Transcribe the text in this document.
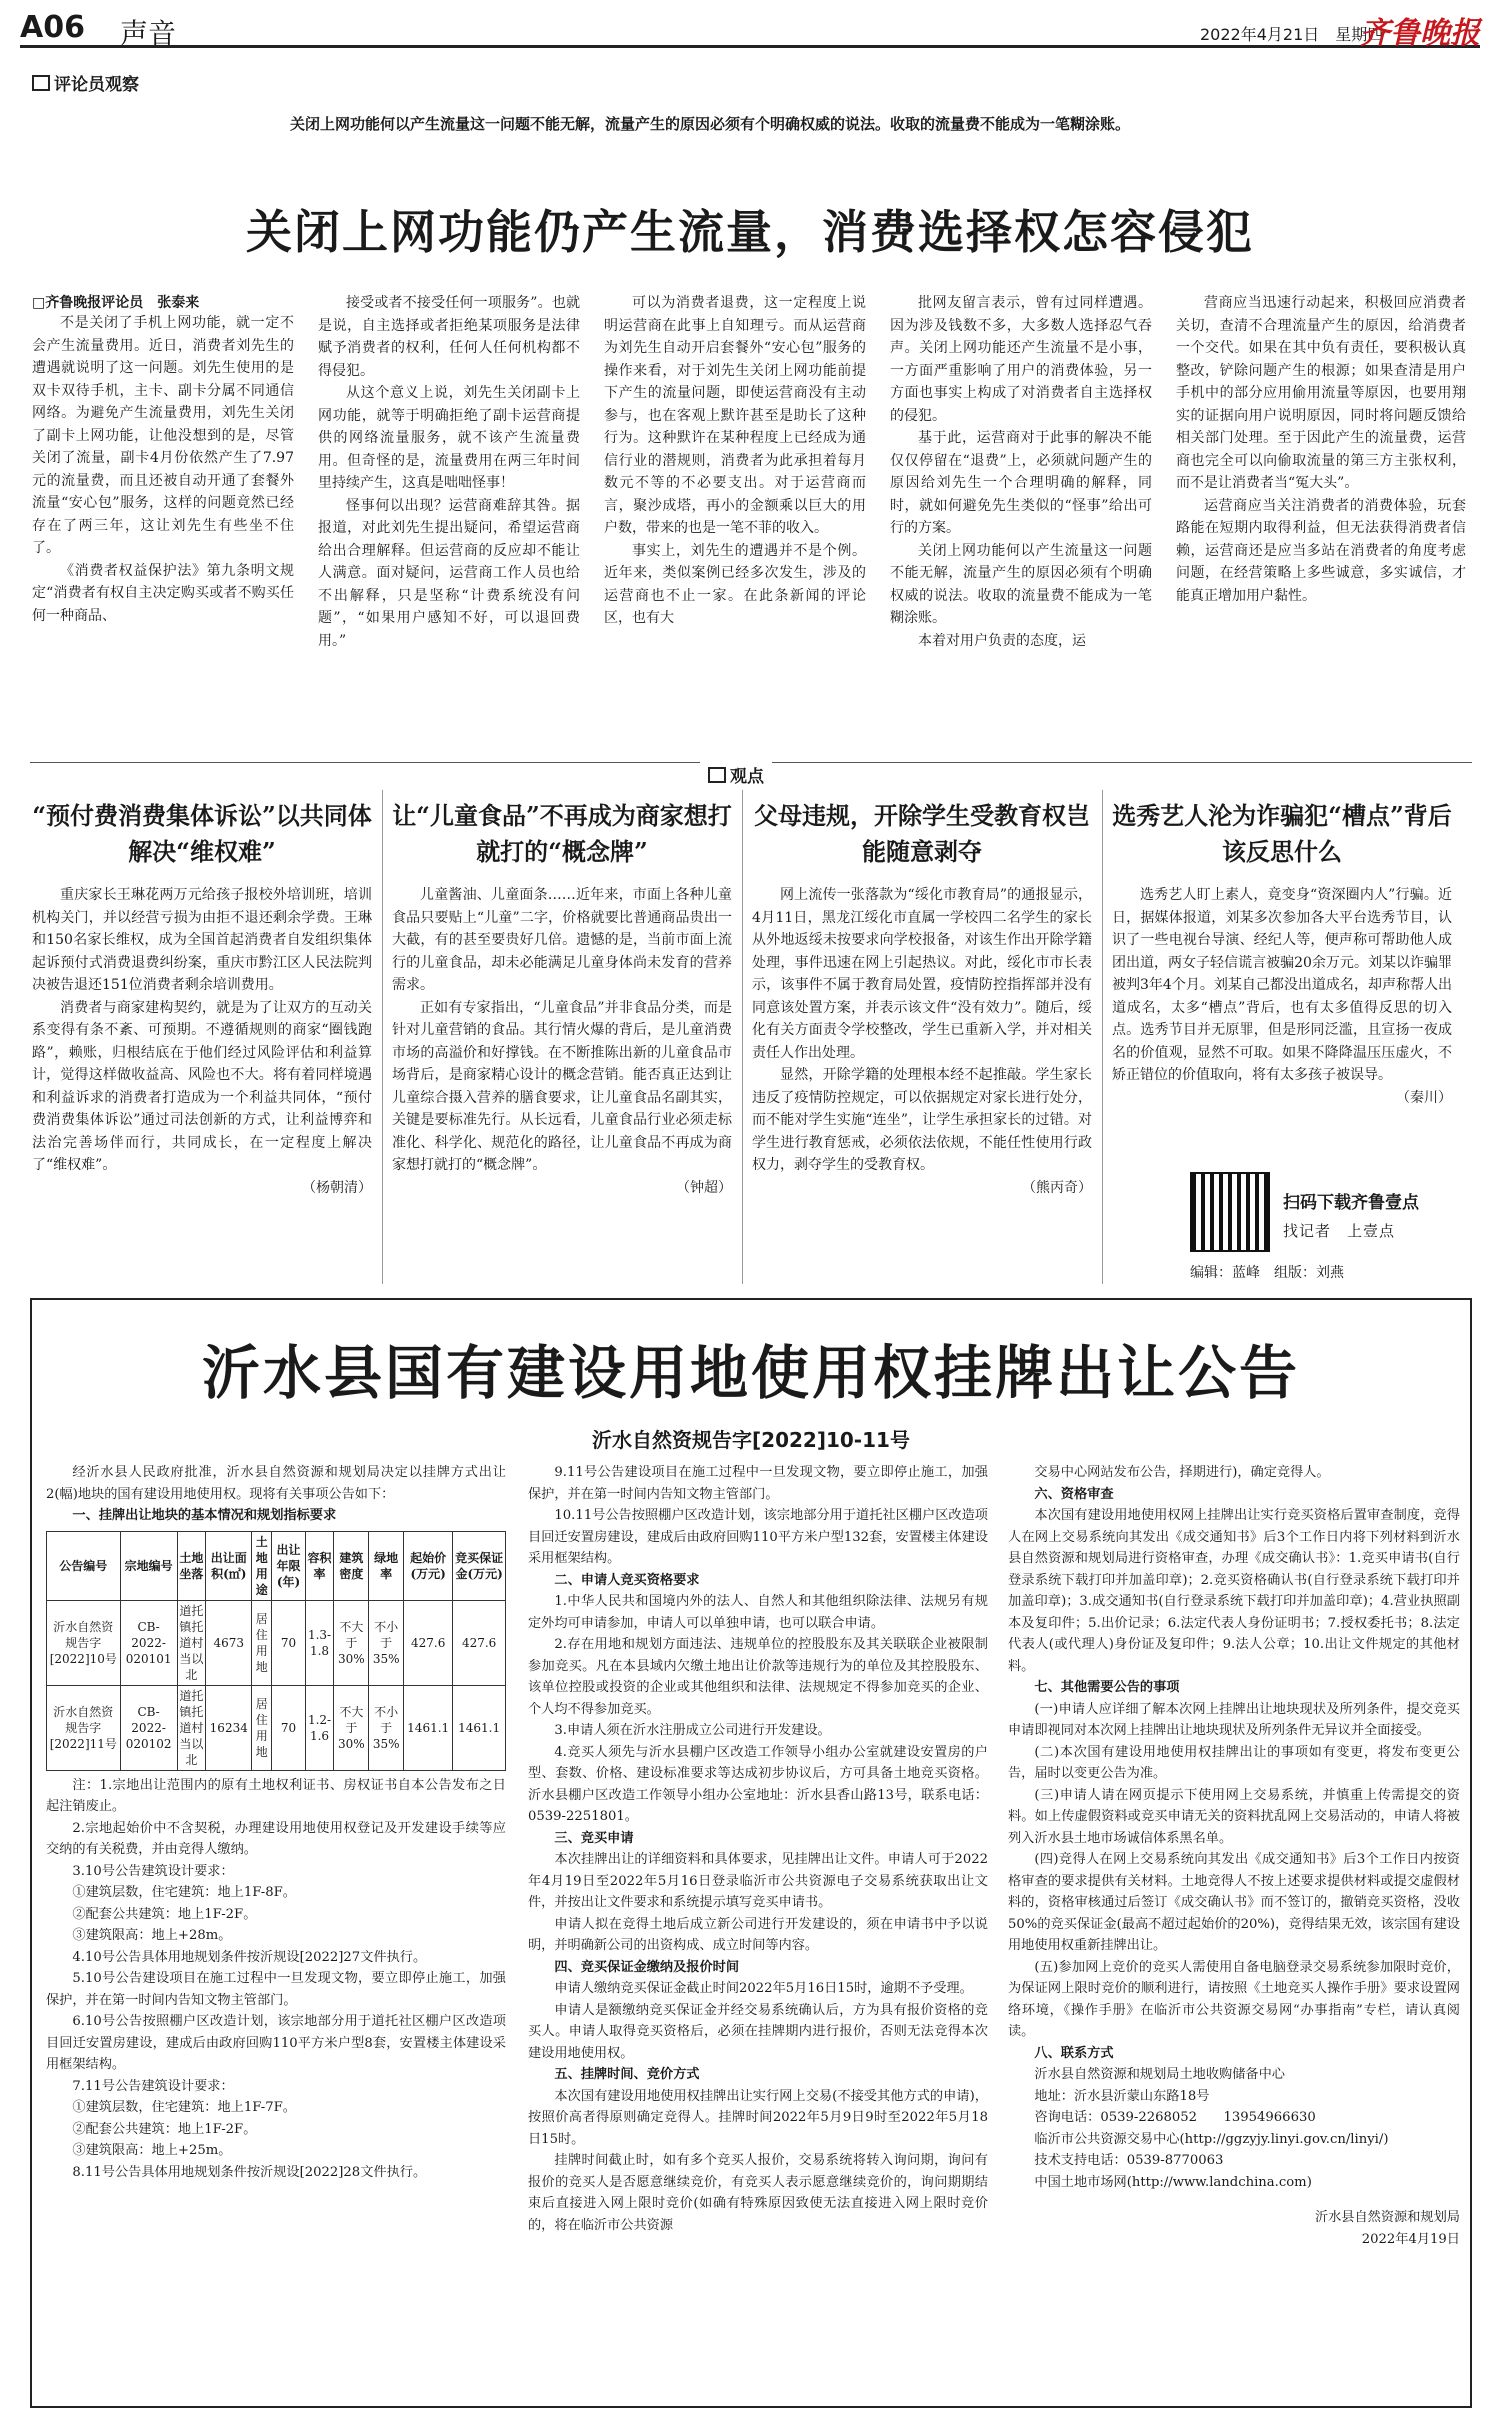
A06 声音	2022年4月21日　星期四
齐鲁晚报
评论员观察
关闭上网功能何以产生流量这一问题不能无解，流量产生的原因必须有个明确权威的说法。收取的流量费不能成为一笔糊涂账。
关闭上网功能仍产生流量，消费选择权怎容侵犯

□齐鲁晚报评论员　张泰来

不是关闭了手机上网功能，就一定不会产生流量费用。近日，消费者刘先生的遭遇就说明了这一问题。刘先生使用的是双卡双待手机，主卡、副卡分属不同通信网络。为避免产生流量费用，刘先生关闭了副卡上网功能，让他没想到的是，尽管关闭了流量，副卡4月份依然产生了7.97元的流量费，而且还被自动开通了套餐外流量“安心包”服务，这样的问题竟然已经存在了两三年，这让刘先生有些坐不住了。

《消费者权益保护法》第九条明文规定“消费者有权自主决定购买或者不购买任何一种商品、

接受或者不接受任何一项服务”。也就是说，自主选择或者拒绝某项服务是法律赋予消费者的权利，任何人任何机构都不得侵犯。

从这个意义上说，刘先生关闭副卡上网功能，就等于明确拒绝了副卡运营商提供的网络流量服务，就不该产生流量费用。但奇怪的是，流量费用在两三年时间里持续产生，这真是咄咄怪事！

怪事何以出现？运营商难辞其咎。据报道，对此刘先生提出疑问，希望运营商给出合理解释。但运营商的反应却不能让人满意。面对疑问，运营商工作人员也给不出解释，只是坚称“计费系统没有问题”，“如果用户感知不好，可以退回费用。”

可以为消费者退费，这一定程度上说明运营商在此事上自知理亏。而从运营商为刘先生自动开启套餐外“安心包”服务的操作来看，对于刘先生关闭上网功能前提下产生的流量问题，即使运营商没有主动参与，也在客观上默许甚至是助长了这种行为。这种默许在某种程度上已经成为通信行业的潜规则，消费者为此承担着每月数元不等的不必要支出。对于运营商而言，聚沙成塔，再小的金额乘以巨大的用户数，带来的也是一笔不菲的收入。

事实上，刘先生的遭遇并不是个例。近年来，类似案例已经多次发生，涉及的运营商也不止一家。在此条新闻的评论区，也有大

批网友留言表示，曾有过同样遭遇。因为涉及钱数不多，大多数人选择忍气吞声。关闭上网功能还产生流量不是小事，一方面严重影响了用户的消费体验，另一方面也事实上构成了对消费者自主选择权的侵犯。

基于此，运营商对于此事的解决不能仅仅停留在“退费”上，必须就问题产生的原因给刘先生一个合理明确的解释，同时，就如何避免先生类似的“怪事”给出可行的方案。

关闭上网功能何以产生流量这一问题不能无解，流量产生的原因必须有个明确权威的说法。收取的流量费不能成为一笔糊涂账。

本着对用户负责的态度，运

营商应当迅速行动起来，积极回应消费者关切，查清不合理流量产生的原因，给消费者一个交代。如果在其中负有责任，要积极认真整改，铲除问题产生的根源；如果查清是用户手机中的部分应用偷用流量等原因，也要用翔实的证据向用户说明原因，同时将问题反馈给相关部门处理。至于因此产生的流量费，运营商也完全可以向偷取流量的第三方主张权利，而不是让消费者当“冤大头”。

运营商应当关注消费者的消费体验，玩套路能在短期内取得利益，但无法获得消费者信赖，运营商还是应当多站在消费者的角度考虑问题，在经营策略上多些诚意，多实诚信，才能真正增加用户黏性。

观点
“预付费消费集体诉讼”以共同体解决“维权难”

重庆家长王琳花两万元给孩子报校外培训班，培训机构关门，并以经营亏损为由拒不退还剩余学费。王琳和150名家长维权，成为全国首起消费者自发组织集体起诉预付式消费退费纠纷案，重庆市黔江区人民法院判决被告退还151位消费者剩余培训费用。

消费者与商家建构契约，就是为了让双方的互动关系变得有条不紊、可预期。不遵循规则的商家“圈钱跑路”，赖账，归根结底在于他们经过风险评估和利益算计，觉得这样做收益高、风险也不大。将有着同样境遇和利益诉求的消费者打造成为一个利益共同体，“预付费消费集体诉讼”通过司法创新的方式，让利益博弈和法治完善场伴而行，共同成长，在一定程度上解决了“维权难”。

（杨朝清）

让“儿童食品”不再成为商家想打就打的“概念牌”

儿童酱油、儿童面条……近年来，市面上各种儿童食品只要贴上“儿童”二字，价格就要比普通商品贵出一大截，有的甚至要贵好几倍。遗憾的是，当前市面上流行的儿童食品，却未必能满足儿童身体尚未发育的营养需求。

正如有专家指出，“儿童食品”并非食品分类，而是针对儿童营销的食品。其行情火爆的背后，是儿童消费市场的高溢价和好撑钱。在不断推陈出新的儿童食品市场背后，是商家精心设计的概念营销。能否真正达到让儿童综合摄入营养的膳食要求，让儿童食品名副其实，关键是要标准先行。从长远看，儿童食品行业必须走标准化、科学化、规范化的路径，让儿童食品不再成为商家想打就打的“概念牌”。

（钟超）

父母违规，开除学生受教育权岂能随意剥夺

网上流传一张落款为“绥化市教育局”的通报显示，4月11日，黑龙江绥化市直属一学校四二名学生的家长从外地返绥未按要求向学校报备，对该生作出开除学籍处理，事件迅速在网上引起热议。对此，绥化市市长表示，该事件不属于教育局处置，疫情防控指挥部并没有同意该处置方案，并表示该文件“没有效力”。随后，绥化有关方面责令学校整改，学生已重新入学，并对相关责任人作出处理。

显然，开除学籍的处理根本经不起推敲。学生家长违反了疫情防控规定，可以依据规定对家长进行处分，而不能对学生实施“连坐”，让学生承担家长的过错。对学生进行教育惩戒，必须依法依规，不能任性使用行政权力，剥夺学生的受教育权。

（熊丙奇）

选秀艺人沦为诈骗犯“槽点”背后该反思什么

选秀艺人盯上素人，竟变身“资深圈内人”行骗。近日，据媒体报道，刘某多次参加各大平台选秀节目，认识了一些电视台导演、经纪人等，便声称可帮助他人成团出道，两女子轻信谎言被骗20余万元。刘某以诈骗罪被判3年4个月。刘某自己都没出道成名，却声称帮人出道成名，太多“槽点”背后，也有太多值得反思的切入点。选秀节目并无原罪，但是形同泛滥，且宣扬一夜成名的价值观，显然不可取。如果不降降温压压虚火，不矫正错位的价值取向，将有太多孩子被误导。

（秦川）

扫码下载齐鲁壹点
找记者　上壹点
编辑：蓝峰　组版：刘燕
沂水县国有建设用地使用权挂牌出让公告
沂水自然资规告字[2022]10-11号

经沂水县人民政府批准，沂水县自然资源和规划局决定以挂牌方式出让2(幅)地块的国有建设用地使用权。现将有关事项公告如下：

一、挂牌出让地块的基本情况和规划指标要求

公告编号	宗地编号	土地坐落	出让面积(㎡)	土地用途	出让年限(年)	容积率	建筑密度	绿地率	起始价(万元)	竞买保证金(万元)
沂水自然资规告字[2022]10号	CB-2022-020101	道托镇托道村当以北	4673	居住用地	70	1.3-1.8	不大于30%	不小于35%	427.6	427.6
沂水自然资规告字[2022]11号	CB-2022-020102	道托镇托道村当以北	16234	居住用地	70	1.2-1.6	不大于30%	不小于35%	1461.1	1461.1

注：1.宗地出让范围内的原有土地权利证书、房权证书自本公告发布之日起注销废止。

2.宗地起始价中不含契税，办理建设用地使用权登记及开发建设手续等应交纳的有关税费，并由竞得人缴纳。

3.10号公告建筑设计要求：

①建筑层数，住宅建筑：地上1F-8F。

②配套公共建筑：地上1F-2F。

③建筑限高：地上+28m。

4.10号公告具体用地规划条件按沂规设[2022]27文件执行。

5.10号公告建设项目在施工过程中一旦发现文物，要立即停止施工，加强保护，并在第一时间内告知文物主管部门。

6.10号公告按照棚户区改造计划，该宗地部分用于道托社区棚户区改造项目回迁安置房建设，建成后由政府回购110平方米户型8套，安置楼主体建设采用框架结构。

7.11号公告建筑设计要求：

①建筑层数，住宅建筑：地上1F-7F。

②配套公共建筑：地上1F-2F。

③建筑限高：地上+25m。

8.11号公告具体用地规划条件按沂规设[2022]28文件执行。

9.11号公告建设项目在施工过程中一旦发现文物，要立即停止施工，加强保护，并在第一时间内告知文物主管部门。

10.11号公告按照棚户区改造计划，该宗地部分用于道托社区棚户区改造项目回迁安置房建设，建成后由政府回购110平方米户型132套，安置楼主体建设采用框架结构。

二、申请人竞买资格要求

1.中华人民共和国境内外的法人、自然人和其他组织除法律、法规另有规定外均可申请参加，申请人可以单独申请，也可以联合申请。

2.存在用地和规划方面违法、违规单位的控股股东及其关联联企业被限制参加竞买。凡在本县域内欠缴土地出让价款等违规行为的单位及其控股股东、该单位控股或投资的企业或其他组织和法律、法规规定不得参加竞买的企业、个人均不得参加竞买。

3.申请人须在沂水注册成立公司进行开发建设。

4.竞买人须先与沂水县棚户区改造工作领导小组办公室就建设安置房的户型、套数、价格、建设标准要求等达成初步协议后，方可具备土地竞买资格。沂水县棚户区改造工作领导小组办公室地址：沂水县香山路13号，联系电话：0539-2251801。

三、竞买申请

本次挂牌出让的详细资料和具体要求，见挂牌出让文件。申请人可于2022年4月19日至2022年5月16日登录临沂市公共资源电子交易系统获取出让文件，并按出让文件要求和系统提示填写竞买申请书。

申请人拟在竞得土地后成立新公司进行开发建设的，须在申请书中予以说明，并明确新公司的出资构成、成立时间等内容。

四、竞买保证金缴纳及报价时间

申请人缴纳竞买保证金截止时间2022年5月16日15时，逾期不予受理。

申请人是额缴纳竞买保证金并经交易系统确认后，方为具有报价资格的竞买人。申请人取得竞买资格后，必须在挂牌期内进行报价，否则无法竞得本次建设用地使用权。

五、挂牌时间、竞价方式

本次国有建设用地使用权挂牌出让实行网上交易(不接受其他方式的申请)，按照价高者得原则确定竞得人。挂牌时间2022年5月9日9时至2022年5月18日15时。

挂牌时间截止时，如有多个竞买人报价，交易系统将转入询问期，询问有报价的竞买人是否愿意继续竞价，有竞买人表示愿意继续竞价的，询问期期结束后直接进入网上限时竞价(如确有特殊原因致使无法直接进入网上限时竞价的，将在临沂市公共资源

交易中心网站发布公告，择期进行)，确定竞得人。

六、资格审查

本次国有建设用地使用权网上挂牌出让实行竞买资格后置审查制度，竞得人在网上交易系统向其发出《成交通知书》后3个工作日内将下列材料到沂水县自然资源和规划局进行资格审查，办理《成交确认书》：1.竞买申请书(自行登录系统下载打印并加盖印章)；2.竞买资格确认书(自行登录系统下载打印并加盖印章)；3.成交通知书(自行登录系统下载打印并加盖印章)；4.营业执照副本及复印件；5.出价记录；6.法定代表人身份证明书；7.授权委托书；8.法定代表人(或代理人)身份证及复印件；9.法人公章；10.出让文件规定的其他材料。

七、其他需要公告的事项

(一)申请人应详细了解本次网上挂牌出让地块现状及所列条件，提交竞买申请即视同对本次网上挂牌出让地块现状及所列条件无异议并全面接受。

(二)本次国有建设用地使用权挂牌出让的事项如有变更，将发布变更公告，届时以变更公告为准。

(三)申请人请在网页提示下使用网上交易系统，并慎重上传需提交的资料。如上传虚假资料或竞买申请无关的资料扰乱网上交易活动的，申请人将被列入沂水县土地市场诚信体系黑名单。

(四)竞得人在网上交易系统向其发出《成交通知书》后3个工作日内按资格审查的要求提供有关材料。土地竞得人不按上述要求提供材料或提交虚假材料的，资格审核通过后签订《成交确认书》而不签订的，撤销竞买资格，没收50%的竞买保证金(最高不超过起始价的20%)，竞得结果无效，该宗国有建设用地使用权重新挂牌出让。

(五)参加网上竞价的竞买人需使用自备电脑登录交易系统参加限时竞价，为保证网上限时竞价的顺利进行，请按照《土地竞买人操作手册》要求设置网络环境，《操作手册》在临沂市公共资源交易网“办事指南”专栏，请认真阅读。

八、联系方式

沂水县自然资源和规划局土地收购储备中心

地址：沂水县沂蒙山东路18号

咨询电话：0539-2268052　　13954966630

临沂市公共资源交易中心(http://ggzyjy.linyi.gov.cn/linyi/)

技术支持电话：0539-8770063

中国土地市场网(http://www.landchina.com)

沂水县自然资源和规划局

2022年4月19日
